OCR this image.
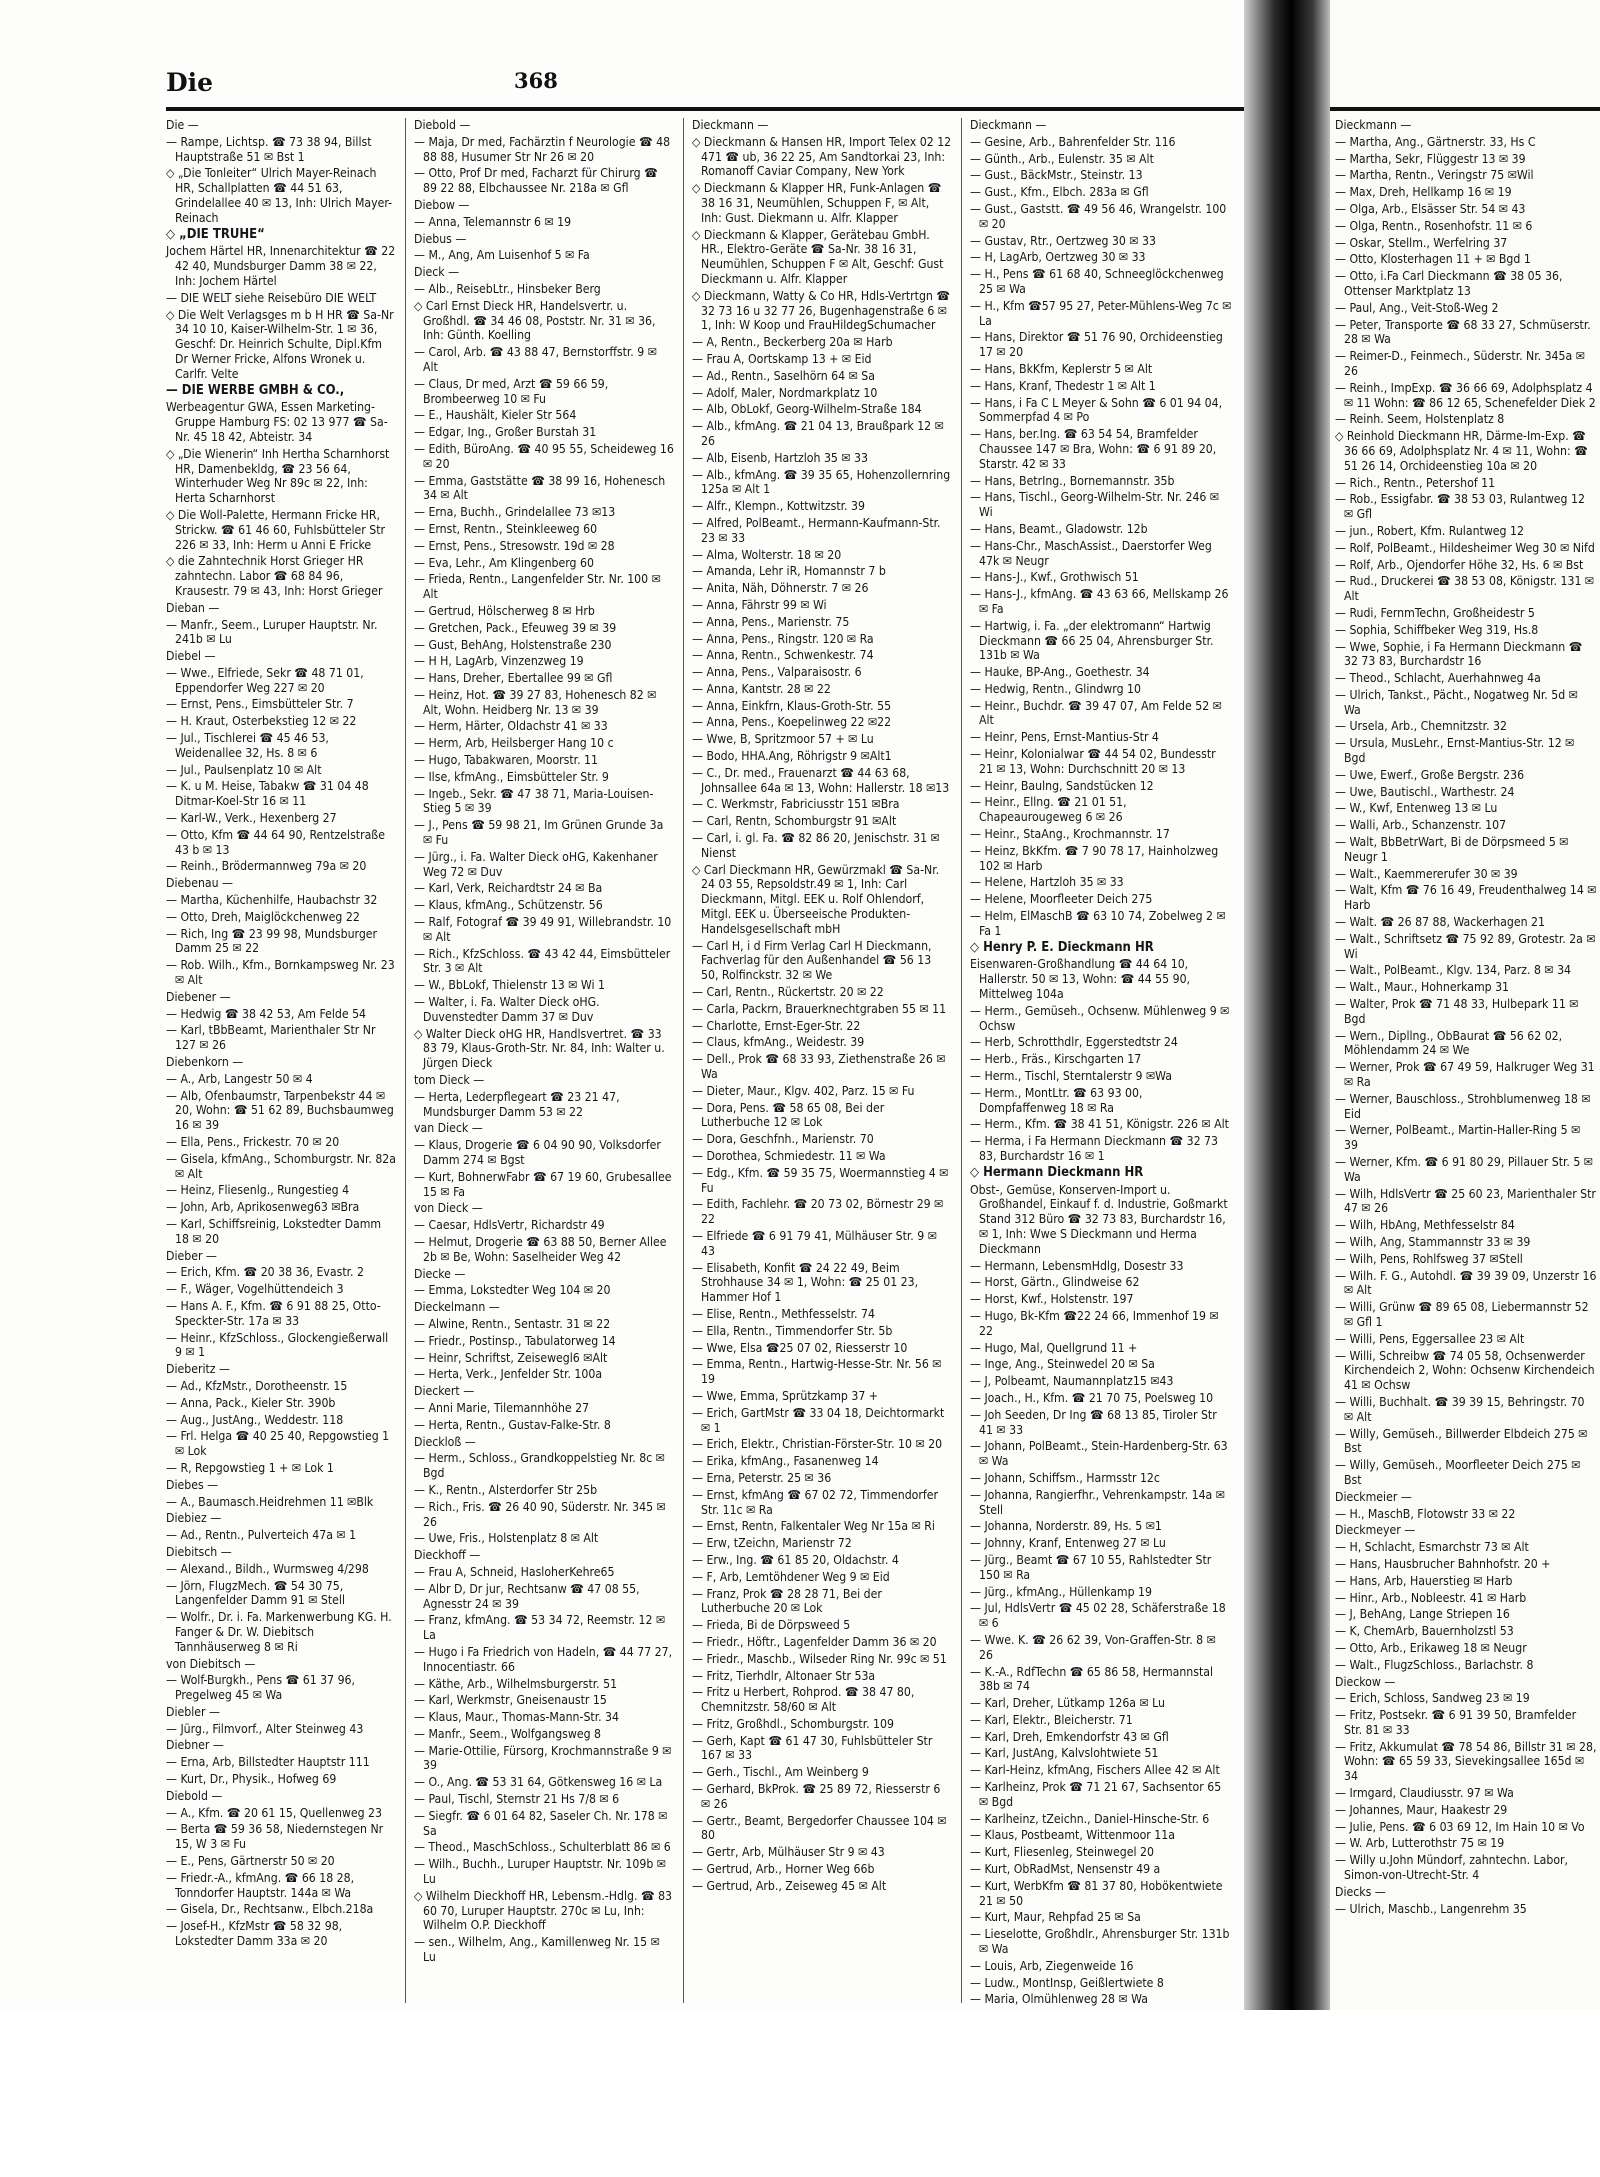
Die	368
Die —
— Rampe, Lichtsp. ☎ 73 38 94, Billst Hauptstraße 51 ✉ Bst 1
◇ „Die Tonleiter“ Ulrich Mayer-Reinach HR, Schallplatten ☎ 44 51 63, Grindelallee 40 ✉ 13, Inh: Ulrich Mayer-Reinach
◇ „DIE TRUHE“
Jochem Härtel HR, Innenarchitektur ☎ 22 42 40, Mundsburger Damm 38 ✉ 22, Inh: Jochem Härtel
— DIE WELT siehe Reisebüro DIE WELT
◇ Die Welt Verlagsges m b H HR ☎ Sa-Nr 34 10 10, Kaiser-Wilhelm-Str. 1 ✉ 36, Geschf: Dr. Heinrich Schulte, Dipl.Kfm Dr Werner Fricke, Alfons Wronek u. Carlfr. Velte
— DIE WERBE GMBH & CO.,
Werbeagentur GWA, Essen Marketing-Gruppe Hamburg FS: 02 13 977 ☎ Sa-Nr. 45 18 42, Abteistr. 34
◇ „Die Wienerin“ Inh Hertha Scharnhorst HR, Damenbekldg, ☎ 23 56 64, Winterhuder Weg Nr 89c ✉ 22, Inh: Herta Scharnhorst
◇ Die Woll-Palette, Hermann Fricke HR, Strickw. ☎ 61 46 60, Fuhlsbütteler Str 226 ✉ 33, Inh: Herm u Anni E Fricke
◇ die Zahntechnik Horst Grieger HR zahntechn. Labor ☎ 68 84 96, Krausestr. 79 ✉ 43, Inh: Horst Grieger
Dieban —
— Manfr., Seem., Luruper Hauptstr. Nr. 241b ✉ Lu
Diebel —
— Wwe., Elfriede, Sekr ☎ 48 71 01, Eppendorfer Weg 227 ✉ 20
— Ernst, Pens., Eimsbütteler Str. 7
— H. Kraut, Osterbekstieg 12 ✉ 22
— Jul., Tischlerei ☎ 45 46 53, Weidenallee 32, Hs. 8 ✉ 6
— Jul., Paulsenplatz 10 ✉ Alt
— K. u M. Heise, Tabakw ☎ 31 04 48 Ditmar-Koel-Str 16 ✉ 11
— Karl-W., Verk., Hexenberg 27
— Otto, Kfm ☎ 44 64 90, Rentzelstraße 43 b ✉ 13
— Reinh., Brödermannweg 79a ✉ 20
Diebenau —
— Martha, Küchenhilfe, Haubachstr 32
— Otto, Dreh, Maiglöckchenweg 22
— Rich, Ing ☎ 23 99 98, Mundsburger Damm 25 ✉ 22
— Rob. Wilh., Kfm., Bornkampsweg Nr. 23 ✉ Alt
Diebener —
— Hedwig ☎ 38 42 53, Am Felde 54
— Karl, tBbBeamt, Marienthaler Str Nr 127 ✉ 26
Diebenkorn —
— A., Arb, Langestr 50 ✉ 4
— Alb, Ofenbaumstr, Tarpenbekstr 44 ✉ 20, Wohn: ☎ 51 62 89, Buchsbaumweg 16 ✉ 39
— Ella, Pens., Frickestr. 70 ✉ 20
— Gisela, kfmAng., Schomburgstr. Nr. 82a ✉ Alt
— Heinz, Fliesenlg., Rungestieg 4
— John, Arb, Aprikosenweg63 ✉Bra
— Karl, Schiffsreinig, Lokstedter Damm 18 ✉ 20
Dieber —
— Erich, Kfm. ☎ 20 38 36, Evastr. 2
— F., Wäger, Vogelhüttendeich 3
— Hans A. F., Kfm. ☎ 6 91 88 25, Otto-Speckter-Str. 17a ✉ 33
— Heinr., KfzSchloss., Glockengießerwall 9 ✉ 1
Dieberitz —
— Ad., KfzMstr., Dorotheenstr. 15
— Anna, Pack., Kieler Str. 390b
— Aug., JustAng., Weddestr. 118
— Frl. Helga ☎ 40 25 40, Repgowstieg 1 ✉ Lok
— R, Repgowstieg 1 + ✉ Lok 1
Diebes —
— A., Baumasch.Heidrehmen 11 ✉Blk
Diebiez —
— Ad., Rentn., Pulverteich 47a ✉ 1
Diebitsch —
— Alexand., Bildh., Wurmsweg 4/298
— Jörn, FlugzMech. ☎ 54 30 75, Langenfelder Damm 91 ✉ Stell
— Wolfr., Dr. i. Fa. Markenwerbung KG. H. Fanger & Dr. W. Diebitsch Tannhäuserweg 8 ✉ Ri
von Diebitsch —
— Wolf-Burgkh., Pens ☎ 61 37 96, Pregelweg 45 ✉ Wa
Diebler —
— Jürg., Filmvorf., Alter Steinweg 43
Diebner —
— Erna, Arb, Billstedter Hauptstr 111
— Kurt, Dr., Physik., Hofweg 69
Diebold —
— A., Kfm. ☎ 20 61 15, Quellenweg 23
— Berta ☎ 59 36 58, Niedernstegen Nr 15, W 3 ✉ Fu
— E., Pens, Gärtnerstr 50 ✉ 20
— Friedr.-A., kfmAng. ☎ 66 18 28, Tonndorfer Hauptstr. 144a ✉ Wa
— Gisela, Dr., Rechtsanw., Elbch.218a
— Josef-H., KfzMstr ☎ 58 32 98, Lokstedter Damm 33a ✉ 20
Diebold —
— Maja, Dr med, Fachärztin f Neurologie ☎ 48 88 88, Husumer Str Nr 26 ✉ 20
— Otto, Prof Dr med, Facharzt für Chirurg ☎ 89 22 88, Elbchaussee Nr. 218a ✉ Gfl
Diebow —
— Anna, Telemannstr 6 ✉ 19
Diebus —
— M., Ang, Am Luisenhof 5 ✉ Fa
Dieck —
— Alb., ReisebLtr., Hinsbeker Berg
◇ Carl Ernst Dieck HR, Handelsvertr. u. Großhdl. ☎ 34 46 08, Poststr. Nr. 31 ✉ 36, Inh: Günth. Koelling
— Carol, Arb. ☎ 43 88 47, Bernstorffstr. 9 ✉ Alt
— Claus, Dr med, Arzt ☎ 59 66 59, Brombeerweg 10 ✉ Fu
— E., Haushält, Kieler Str 564
— Edgar, Ing., Großer Burstah 31
— Edith, BüroAng. ☎ 40 95 55, Scheideweg 16 ✉ 20
— Emma, Gaststätte ☎ 38 99 16, Hohenesch 34 ✉ Alt
— Erna, Buchh., Grindelallee 73 ✉13
— Ernst, Rentn., Steinkleeweg 60
— Ernst, Pens., Stresowstr. 19d ✉ 28
— Eva, Lehr., Am Klingenberg 60
— Frieda, Rentn., Langenfelder Str. Nr. 100 ✉ Alt
— Gertrud, Hölscherweg 8 ✉ Hrb
— Gretchen, Pack., Efeuweg 39 ✉ 39
— Gust, BehAng, Holstenstraße 230
— H H, LagArb, Vinzenzweg 19
— Hans, Dreher, Ebertallee 99 ✉ Gfl
— Heinz, Hot. ☎ 39 27 83, Hohenesch 82 ✉ Alt, Wohn. Heidberg Nr. 13 ✉ 39
— Herm, Härter, Oldachstr 41 ✉ 33
— Herm, Arb, Heilsberger Hang 10 c
— Hugo, Tabakwaren, Moorstr. 11
— Ilse, kfmAng., Eimsbütteler Str. 9
— Ingeb., Sekr. ☎ 47 38 71, Maria-Louisen-Stieg 5 ✉ 39
— J., Pens ☎ 59 98 21, Im Grünen Grunde 3a ✉ Fu
— Jürg., i. Fa. Walter Dieck oHG, Kakenhaner Weg 72 ✉ Duv
— Karl, Verk, Reichardtstr 24 ✉ Ba
— Klaus, kfmAng., Schützenstr. 56
— Ralf, Fotograf ☎ 39 49 91, Willebrandstr. 10 ✉ Alt
— Rich., KfzSchloss. ☎ 43 42 44, Eimsbütteler Str. 3 ✉ Alt
— W., BbLokf, Thielenstr 13 ✉ Wi 1
— Walter, i. Fa. Walter Dieck oHG. Duvenstedter Damm 37 ✉ Duv
◇ Walter Dieck oHG HR, Handlsvertret. ☎ 33 83 79, Klaus-Groth-Str. Nr. 84, Inh: Walter u. Jürgen Dieck
tom Dieck —
— Herta, Lederpflegeart ☎ 23 21 47, Mundsburger Damm 53 ✉ 22
van Dieck —
— Klaus, Drogerie ☎ 6 04 90 90, Volksdorfer Damm 274 ✉ Bgst
— Kurt, BohnerwFabr ☎ 67 19 60, Grubesallee 15 ✉ Fa
von Dieck —
— Caesar, HdlsVertr, Richardstr 49
— Helmut, Drogerie ☎ 63 88 50, Berner Allee 2b ✉ Be, Wohn: Saselheider Weg 42
Diecke —
— Emma, Lokstedter Weg 104 ✉ 20
Dieckelmann —
— Alwine, Rentn., Sentastr. 31 ✉ 22
— Friedr., Postinsp., Tabulatorweg 14
— Heinr, Schriftst, Zeisewegl6 ✉Alt
— Herta, Verk., Jenfelder Str. 100a
Dieckert —
— Anni Marie, Tilemannhöhe 27
— Herta, Rentn., Gustav-Falke-Str. 8
Dieckloß —
— Herm., Schloss., Grandkoppelstieg Nr. 8c ✉ Bgd
— K., Rentn., Alsterdorfer Str 25b
— Rich., Fris. ☎ 26 40 90, Süderstr. Nr. 345 ✉ 26
— Uwe, Fris., Holstenplatz 8 ✉ Alt
Dieckhoff —
— Frau A, Schneid, HasloherKehre65
— Albr D, Dr jur, Rechtsanw ☎ 47 08 55, Agnesstr 24 ✉ 39
— Franz, kfmAng. ☎ 53 34 72, Reemstr. 12 ✉ La
— Hugo i Fa Friedrich von Hadeln, ☎ 44 77 27, Innocentiastr. 66
— Käthe, Arb., Wilhelmsburgerstr. 51
— Karl, Werkmstr, Gneisenaustr 15
— Klaus, Maur., Thomas-Mann-Str. 34
— Manfr., Seem., Wolfgangsweg 8
— Marie-Ottilie, Fürsorg, Krochmannstraße 9 ✉ 39
— O., Ang. ☎ 53 31 64, Götkensweg 16 ✉ La
— Paul, Tischl, Sternstr 21 Hs 7/8 ✉ 6
— Siegfr. ☎ 6 01 64 82, Saseler Ch. Nr. 178 ✉ Sa
— Theod., MaschSchloss., Schulterblatt 86 ✉ 6
— Wilh., Buchh., Luruper Hauptstr. Nr. 109b ✉ Lu
◇ Wilhelm Dieckhoff HR, Lebensm.-Hdlg. ☎ 83 60 70, Luruper Hauptstr. 270c ✉ Lu, Inh: Wilhelm O.P. Dieckhoff
— sen., Wilhelm, Ang., Kamillenweg Nr. 15 ✉ Lu
Dieckmann —
◇ Dieckmann & Hansen HR, Import Telex 02 12 471 ☎ ub, 36 22 25, Am Sandtorkai 23, Inh: Romanoff Caviar Company, New York
◇ Dieckmann & Klapper HR, Funk-Anlagen ☎ 38 16 31, Neumühlen, Schuppen F, ✉ Alt, Inh: Gust. Diekmann u. Alfr. Klapper
◇ Dieckmann & Klapper, Gerätebau GmbH. HR., Elektro-Geräte ☎ Sa-Nr. 38 16 31, Neumühlen, Schuppen F ✉ Alt, Geschf: Gust Dieckmann u. Alfr. Klapper
◇ Dieckmann, Watty & Co HR, Hdls-Vertrtgn ☎ 32 73 16 u 32 77 26, Bugenhagenstraße 6 ✉ 1, Inh: W Koop und FrauHildegSchumacher
— A, Rentn., Beckerberg 20a ✉ Harb
— Frau A, Oortskamp 13 + ✉ Eid
— Ad., Rentn., Saselhörn 64 ✉ Sa
— Adolf, Maler, Nordmarkplatz 10
— Alb, ObLokf, Georg-Wilhelm-Straße 184
— Alb., kfmAng. ☎ 21 04 13, Braußpark 12 ✉ 26
— Alb, Eisenb, Hartzloh 35 ✉ 33
— Alb., kfmAng. ☎ 39 35 65, Hohenzollernring 125a ✉ Alt 1
— Alfr., Klempn., Kottwitzstr. 39
— Alfred, PolBeamt., Hermann-Kaufmann-Str. 23 ✉ 33
— Alma, Wolterstr. 18 ✉ 20
— Amanda, Lehr iR, Homannstr 7 b
— Anita, Näh, Döhnerstr. 7 ✉ 26
— Anna, Fährstr 99 ✉ Wi
— Anna, Pens., Marienstr. 75
— Anna, Pens., Ringstr. 120 ✉ Ra
— Anna, Rentn., Schwenkestr. 74
— Anna, Pens., Valparaisostr. 6
— Anna, Kantstr. 28 ✉ 22
— Anna, Einkfrn, Klaus-Groth-Str. 55
— Anna, Pens., Koepelinweg 22 ✉22
— Wwe, B, Spritzmoor 57 + ✉ Lu
— Bodo, HHA.Ang, Röhrigstr 9 ✉Alt1
— C., Dr. med., Frauenarzt ☎ 44 63 68, Johnsallee 64a ✉ 13, Wohn: Hallerstr. 18 ✉13
— C. Werkmstr, Fabriciusstr 151 ✉Bra
— Carl, Rentn, Schomburgstr 91 ✉Alt
— Carl, i. gl. Fa. ☎ 82 86 20, Jenischstr. 31 ✉ Nienst
◇ Carl Dieckmann HR, Gewürzmakl ☎ Sa-Nr. 24 03 55, Repsoldstr.49 ✉ 1, Inh: Carl Dieckmann, Mitgl. EEK u. Rolf Ohlendorf, Mitgl. EEK u. Überseeische Produkten-Handelsgesellschaft mbH
— Carl H, i d Firm Verlag Carl H Dieckmann, Fachverlag für den Außenhandel ☎ 56 13 50, Rolfinckstr. 32 ✉ We
— Carl, Rentn., Rückertstr. 20 ✉ 22
— Carla, Packrn, Brauerknechtgraben 55 ✉ 11
— Charlotte, Ernst-Eger-Str. 22
— Claus, kfmAng., Weidestr. 39
— Dell., Prok ☎ 68 33 93, Ziethenstraße 26 ✉ Wa
— Dieter, Maur., Klgv. 402, Parz. 15 ✉ Fu
— Dora, Pens. ☎ 58 65 08, Bei der Lutherbuche 12 ✉ Lok
— Dora, Geschfnh., Marienstr. 70
— Dorothea, Schmiedestr. 11 ✉ Wa
— Edg., Kfm. ☎ 59 35 75, Woermannstieg 4 ✉ Fu
— Edith, Fachlehr. ☎ 20 73 02, Börnestr 29 ✉ 22
— Elfriede ☎ 6 91 79 41, Mülhäuser Str. 9 ✉ 43
— Elisabeth, Konfit ☎ 24 22 49, Beim Strohhause 34 ✉ 1, Wohn: ☎ 25 01 23, Hammer Hof 1
— Elise, Rentn., Methfesselstr. 74
— Ella, Rentn., Timmendorfer Str. 5b
— Wwe, Elsa ☎25 07 02, Riesserstr 10
— Emma, Rentn., Hartwig-Hesse-Str. Nr. 56 ✉ 19
— Wwe, Emma, Sprützkamp 37 +
— Erich, GartMstr ☎ 33 04 18, Deichtormarkt ✉ 1
— Erich, Elektr., Christian-Förster-Str. 10 ✉ 20
— Erika, kfmAng., Fasanenweg 14
— Erna, Peterstr. 25 ✉ 36
— Ernst, kfmAng ☎ 67 02 72, Timmendorfer Str. 11c ✉ Ra
— Ernst, Rentn, Falkentaler Weg Nr 15a ✉ Ri
— Erw, tZeichn, Marienstr 72
— Erw., Ing. ☎ 61 85 20, Oldachstr. 4
— F, Arb, Lemtöhdener Weg 9 ✉ Eid
— Franz, Prok ☎ 28 28 71, Bei der Lutherbuche 20 ✉ Lok
— Frieda, Bi de Dörpsweed 5
— Friedr., Höftr., Lagenfelder Damm 36 ✉ 20
— Friedr., Maschb., Wilseder Ring Nr. 99c ✉ 51
— Fritz, Tierhdlr, Altonaer Str 53a
— Fritz u Herbert, Rohprod. ☎ 38 47 80, Chemnitzstr. 58/60 ✉ Alt
— Fritz, Großhdl., Schomburgstr. 109
— Gerh, Kapt ☎ 61 47 30, Fuhlsbütteler Str 167 ✉ 33
— Gerh., Tischl., Am Weinberg 9
— Gerhard, BkProk. ☎ 25 89 72, Riesserstr 6 ✉ 26
— Gertr., Beamt, Bergedorfer Chaussee 104 ✉ 80
— Gertr, Arb, Mülhäuser Str 9 ✉ 43
— Gertrud, Arb., Horner Weg 66b
— Gertrud, Arb., Zeiseweg 45 ✉ Alt
Dieckmann —
— Gesine, Arb., Bahrenfelder Str. 116
— Günth., Arb., Eulenstr. 35 ✉ Alt
— Gust., BäckMstr., Steinstr. 13
— Gust., Kfm., Elbch. 283a ✉ Gfl
— Gust., Gaststt. ☎ 49 56 46, Wrangelstr. 100 ✉ 20
— Gustav, Rtr., Oertzweg 30 ✉ 33
— H, LagArb, Oertzweg 30 ✉ 33
— H., Pens ☎ 61 68 40, Schneeglöckchenweg 25 ✉ Wa
— H., Kfm ☎57 95 27, Peter-Mühlens-Weg 7c ✉ La
— Hans, Direktor ☎ 51 76 90, Orchideenstieg 17 ✉ 20
— Hans, BkKfm, Keplerstr 5 ✉ Alt
— Hans, Kranf, Thedestr 1 ✉ Alt 1
— Hans, i Fa C L Meyer & Sohn ☎ 6 01 94 04, Sommerpfad 4 ✉ Po
— Hans, ber.Ing. ☎ 63 54 54, Bramfelder Chaussee 147 ✉ Bra, Wohn: ☎ 6 91 89 20, Starstr. 42 ✉ 33
— Hans, BetrIng., Bornemannstr. 35b
— Hans, Tischl., Georg-Wilhelm-Str. Nr. 246 ✉ Wi
— Hans, Beamt., Gladowstr. 12b
— Hans-Chr., MaschAssist., Daerstorfer Weg 47k ✉ Neugr
— Hans-J., Kwf., Grothwisch 51
— Hans-J., kfmAng. ☎ 43 63 66, Mellskamp 26 ✉ Fa
— Hartwig, i. Fa. „der elektromann“ Hartwig Dieckmann ☎ 66 25 04, Ahrensburger Str. 131b ✉ Wa
— Hauke, BP-Ang., Goethestr. 34
— Hedwig, Rentn., Glindwrg 10
— Heinr., Buchdr. ☎ 39 47 07, Am Felde 52 ✉ Alt
— Heinr, Pens, Ernst-Mantius-Str 4
— Heinr, Kolonialwar ☎ 44 54 02, Bundesstr 21 ✉ 13, Wohn: Durchschnitt 20 ✉ 13
— Heinr, Baulng, Sandstücken 12
— Heinr., Ellng. ☎ 21 01 51, Chapeaurougeweg 6 ✉ 26
— Heinr., StaAng., Krochmannstr. 17
— Heinz, BkKfm. ☎ 7 90 78 17, Hainholzweg 102 ✉ Harb
— Helene, Hartzloh 35 ✉ 33
— Helene, Moorfleeter Deich 275
— Helm, ElMaschB ☎ 63 10 74, Zobelweg 2 ✉ Fa 1
◇ Henry P. E. Dieckmann HR
Eisenwaren-Großhandlung ☎ 44 64 10, Hallerstr. 50 ✉ 13, Wohn: ☎ 44 55 90, Mittelweg 104a
— Herm., Gemüseh., Ochsenw. Mühlenweg 9 ✉ Ochsw
— Herb, Schrotthdlr, Eggerstedtstr 24
— Herb., Fräs., Kirschgarten 17
— Herm., Tischl, Sterntalerstr 9 ✉Wa
— Herm., MontLtr. ☎ 63 93 00, Dompfaffenweg 18 ✉ Ra
— Herm., Kfm. ☎ 38 41 51, Königstr. 226 ✉ Alt
— Herma, i Fa Hermann Dieckmann ☎ 32 73 83, Burchardstr 16 ✉ 1
◇ Hermann Dieckmann HR
Obst-, Gemüse, Konserven-Import u. Großhandel, Einkauf f. d. Industrie, Goßmarkt Stand 312 Büro ☎ 32 73 83, Burchardstr 16, ✉ 1, Inh: Wwe S Dieckmann und Herma Dieckmann
— Hermann, LebensmHdlg, Dosestr 33
— Horst, Gärtn., Glindweise 62
— Horst, Kwf., Holstenstr. 197
— Hugo, Bk-Kfm ☎22 24 66, Immenhof 19 ✉ 22
— Hugo, Mal, Quellgrund 11 +
— Inge, Ang., Steinwedel 20 ✉ Sa
— J, Polbeamt, Naumannplatz15 ✉43
— Joach., H., Kfm. ☎ 21 70 75, Poelsweg 10
— Joh Seeden, Dr Ing ☎ 68 13 85, Tiroler Str 41 ✉ 33
— Johann, PolBeamt., Stein-Hardenberg-Str. 63 ✉ Wa
— Johann, Schiffsm., Harmsstr 12c
— Johanna, Rangierfhr., Vehrenkampstr. 14a ✉ Stell
— Johanna, Norderstr. 89, Hs. 5 ✉1
— Johnny, Kranf, Entenweg 27 ✉ Lu
— Jürg., Beamt ☎ 67 10 55, Rahlstedter Str 150 ✉ Ra
— Jürg., kfmAng., Hüllenkamp 19
— Jul, HdlsVertr ☎ 45 02 28, Schäferstraße 18 ✉ 6
— Wwe. K. ☎ 26 62 39, Von-Graffen-Str. 8 ✉ 26
— K.-A., RdfTechn ☎ 65 86 58, Hermannstal 38b ✉ 74
— Karl, Dreher, Lütkamp 126a ✉ Lu
— Karl, Elektr., Bleicherstr. 71
— Karl, Dreh, Emkendorfstr 43 ✉ Gfl
— Karl, JustAng, Kalvslohtwiete 51
— Karl-Heinz, kfmAng, Fischers Allee 42 ✉ Alt
— Karlheinz, Prok ☎ 71 21 67, Sachsentor 65 ✉ Bgd
— Karlheinz, tZeichn., Daniel-Hinsche-Str. 6
— Klaus, Postbeamt, Wittenmoor 11a
— Kurt, Fliesenleg, Steinwegel 20
— Kurt, ObRadMst, Nensenstr 49 a
— Kurt, WerbKfm ☎ 81 37 80, Hobökentwiete 21 ✉ 50
— Kurt, Maur, Rehpfad 25 ✉ Sa
— Lieselotte, Großhdlr., Ahrensburger Str. 131b ✉ Wa
— Louis, Arb, Ziegenweide 16
— Ludw., MontInsp, Geißlertwiete 8
— Maria, Olmühlenweg 28 ✉ Wa
Dieckmann —
— Martha, Ang., Gärtnerstr. 33, Hs C
— Martha, Sekr, Flüggestr 13 ✉ 39
— Martha, Rentn., Veringstr 75 ✉Wil
— Max, Dreh, Hellkamp 16 ✉ 19
— Olga, Arb., Elsässer Str. 54 ✉ 43
— Olga, Rentn., Rosenhofstr. 11 ✉ 6
— Oskar, Stellm., Werfelring 37
— Otto, Klosterhagen 11 + ✉ Bgd 1
— Otto, i.Fa Carl Dieckmann ☎ 38 05 36, Ottenser Marktplatz 13
— Paul, Ang., Veit-Stoß-Weg 2
— Peter, Transporte ☎ 68 33 27, Schmüserstr. 28 ✉ Wa
— Reimer-D., Feinmech., Süderstr. Nr. 345a ✉ 26
— Reinh., ImpExp. ☎ 36 66 69, Adolphsplatz 4 ✉ 11 Wohn: ☎ 86 12 65, Schenefelder Diek 2
— Reinh. Seem, Holstenplatz 8
◇ Reinhold Dieckmann HR, Därme-Im-Exp. ☎ 36 66 69, Adolphsplatz Nr. 4 ✉ 11, Wohn: ☎ 51 26 14, Orchideenstieg 10a ✉ 20
— Rich., Rentn., Petershof 11
— Rob., Essigfabr. ☎ 38 53 03, Rulantweg 12 ✉ Gfl
— jun., Robert, Kfm. Rulantweg 12
— Rolf, PolBeamt., Hildesheimer Weg 30 ✉ Nifd
— Rolf, Arb., Ojendorfer Höhe 32, Hs. 6 ✉ Bst
— Rud., Druckerei ☎ 38 53 08, Königstr. 131 ✉ Alt
— Rudi, FernmTechn, Großheidestr 5
— Sophia, Schiffbeker Weg 319, Hs.8
— Wwe, Sophie, i Fa Hermann Dieckmann ☎ 32 73 83, Burchardstr 16
— Theod., Schlacht, Auerhahnweg 4a
— Ulrich, Tankst., Pächt., Nogatweg Nr. 5d ✉ Wa
— Ursela, Arb., Chemnitzstr. 32
— Ursula, MusLehr., Ernst-Mantius-Str. 12 ✉ Bgd
— Uwe, Ewerf., Große Bergstr. 236
— Uwe, Bautischl., Warthestr. 24
— W., Kwf, Entenweg 13 ✉ Lu
— Walli, Arb., Schanzenstr. 107
— Walt, BbBetrWart, Bi de Dörpsmeed 5 ✉ Neugr 1
— Walt., Kaemmererufer 30 ✉ 39
— Walt, Kfm ☎ 76 16 49, Freudenthalweg 14 ✉ Harb
— Walt. ☎ 26 87 88, Wackerhagen 21
— Walt., Schriftsetz ☎ 75 92 89, Grotestr. 2a ✉ Wi
— Walt., PolBeamt., Klgv. 134, Parz. 8 ✉ 34
— Walt., Maur., Hohnerkamp 31
— Walter, Prok ☎ 71 48 33, Hulbepark 11 ✉ Bgd
— Wern., Dipllng., ObBaurat ☎ 56 62 02, Möhlendamm 24 ✉ We
— Werner, Prok ☎ 67 49 59, Halkruger Weg 31 ✉ Ra
— Werner, Bauschloss., Strohblumenweg 18 ✉ Eid
— Werner, PolBeamt., Martin-Haller-Ring 5 ✉ 39
— Werner, Kfm. ☎ 6 91 80 29, Pillauer Str. 5 ✉ Wa
— Wilh, HdlsVertr ☎ 25 60 23, Marienthaler Str 47 ✉ 26
— Wilh, HbAng, Methfesselstr 84
— Wilh, Ang, Stammannstr 33 ✉ 39
— Wilh, Pens, Rohlfsweg 37 ✉Stell
— Wilh. F. G., Autohdl. ☎ 39 39 09, Unzerstr 16 ✉ Alt
— Willi, Grünw ☎ 89 65 08, Liebermannstr 52 ✉ Gfl 1
— Willi, Pens, Eggersallee 23 ✉ Alt
— Willi, Schreibw ☎ 74 05 58, Ochsenwerder Kirchendeich 2, Wohn: Ochsenw Kirchendeich 41 ✉ Ochsw
— Willi, Buchhalt. ☎ 39 39 15, Behringstr. 70 ✉ Alt
— Willy, Gemüseh., Billwerder Elbdeich 275 ✉ Bst
— Willy, Gemüseh., Moorfleeter Deich 275 ✉ Bst
Dieckmeier —
— H., MaschB, Flotowstr 33 ✉ 22
Dieckmeyer —
— H, Schlacht, Esmarchstr 73 ✉ Alt
— Hans, Hausbrucher Bahnhofstr. 20 +
— Hans, Arb, Hauerstieg ✉ Harb
— Hinr., Arb., Nobleestr. 41 ✉ Harb
— J, BehAng, Lange Striepen 16
— K, ChemArb, Bauernholzstl 53
— Otto, Arb., Erikaweg 18 ✉ Neugr
— Walt., FlugzSchloss., Barlachstr. 8
Dieckow —
— Erich, Schloss, Sandweg 23 ✉ 19
— Fritz, Postsekr. ☎ 6 91 39 50, Bramfelder Str. 81 ✉ 33
— Fritz, Akkumulat ☎ 78 54 86, Billstr 31 ✉ 28, Wohn: ☎ 65 59 33, Sievekingsallee 165d ✉ 34
— Irmgard, Claudiusstr. 97 ✉ Wa
— Johannes, Maur, Haakestr 29
— Julie, Pens. ☎ 6 03 69 12, Im Hain 10 ✉ Vo
— W. Arb, Lutterothstr 75 ✉ 19
— Willy u.John Mündorf, zahntechn. Labor, Simon-von-Utrecht-Str. 4
Diecks —
— Ulrich, Maschb., Langenrehm 35
